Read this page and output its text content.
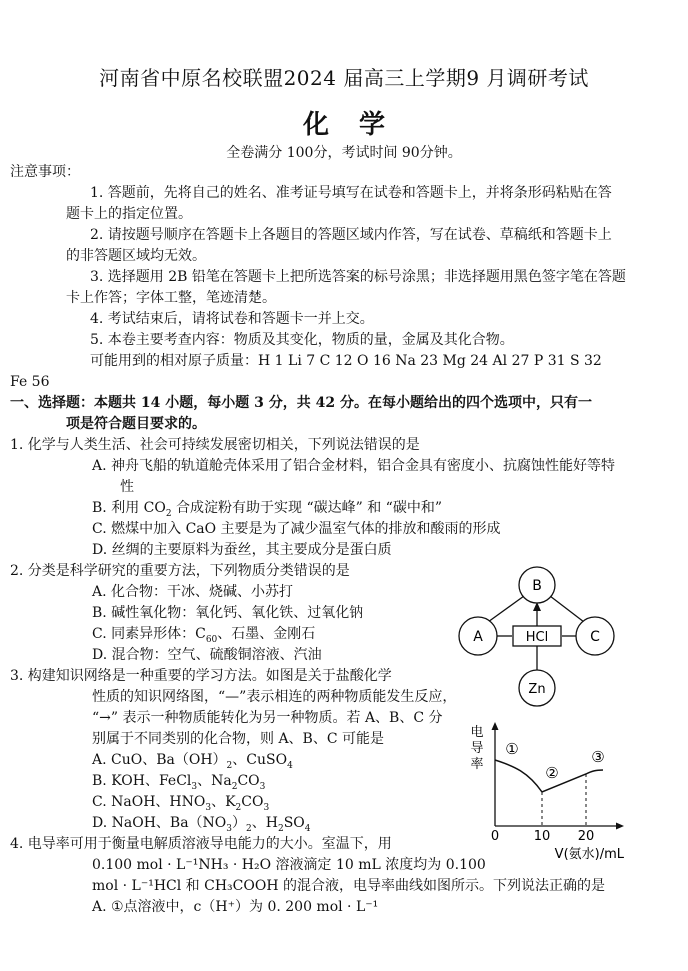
河南省中原名校联盟2024 届高三上学期9 月调研考试
化学
全卷满分 100分，考试时间 90分钟。
注意事项：
1. 答题前，先将自己的姓名、准考证号填写在试卷和答题卡上，并将条形码粘贴在答
题卡上的指定位置。
2. 请按题号顺序在答题卡上各题目的答题区域内作答，写在试卷、草稿纸和答题卡上
的非答题区域均无效。
3. 选择题用 2B 铅笔在答题卡上把所选答案的标号涂黑；非选择题用黑色签字笔在答题
卡上作答；字体工整，笔迹清楚。
4. 考试结束后，请将试卷和答题卡一并上交。
5. 本卷主要考查内容：物质及其变化，物质的量，金属及其化合物。
可能用到的相对原子质量：H 1 Li 7 C 12 O 16 Na 23 Mg 24 Al 27 P 31 S 32
Fe 56
一、选择题：本题共 14 小题，每小题 3 分，共 42 分。在每小题给出的四个选项中，只有一
项是符合题目要求的。
1. 化学与人类生活、社会可持续发展密切相关，下列说法错误的是
A. 神舟飞船的轨道舱壳体采用了铝合金材料，铝合金具有密度小、抗腐蚀性能好等特
性
B. 利用 $CO_2$ 合成淀粉有助于实现 “碳达峰” 和 “碳中和”
C. 燃煤中加入 CaO 主要是为了减少温室气体的排放和酸雨的形成
D. 丝绸的主要原料为蚕丝，其主要成分是蛋白质
2. 分类是科学研究的重要方法，下列物质分类错误的是
A. 化合物：干冰、烧碱、小苏打
B. 碱性氧化物：氧化钙、氧化铁、过氧化钠
C. 同素异形体：$C_{60}$、石墨、金刚石
D. 混合物：空气、硫酸铜溶液、汽油
3. 构建知识网络是一种重要的学习方法。如图是关于盐酸化学
性质的知识网络图，“—”表示相连的两种物质能发生反应，
“→” 表示一种物质能转化为另一种物质。若 A、B、C 分
别属于不同类别的化合物，则 A、B、C 可能是
A. CuO、$Ba(OH)_2$、CuSO$_4$
B. KOH、FeCl$_3$、$Na_2CO_3$
C. NaOH、$HNO_3$、$K_2CO_3$
D. NaOH、$Ba(NO_3)_2$、$H_2SO_4$
4. 电导率可用于衡量电解质溶液导电能力的大小。室温下，用
0.100 mol · L⁻¹NH₃ · H₂O 溶液滴定 10 mL 浓度均为 0.100
mol · L⁻¹HCl 和 CH₃COOH 的混合液，电导率曲线如图所示。下列说法正确的是
A. ①点溶液中，c（H⁺）为 0. 200 mol · L⁻¹
B
A	C
HCl
Zn
电
导
率
①
②
③
0	10 20
V(氨水)/mL
